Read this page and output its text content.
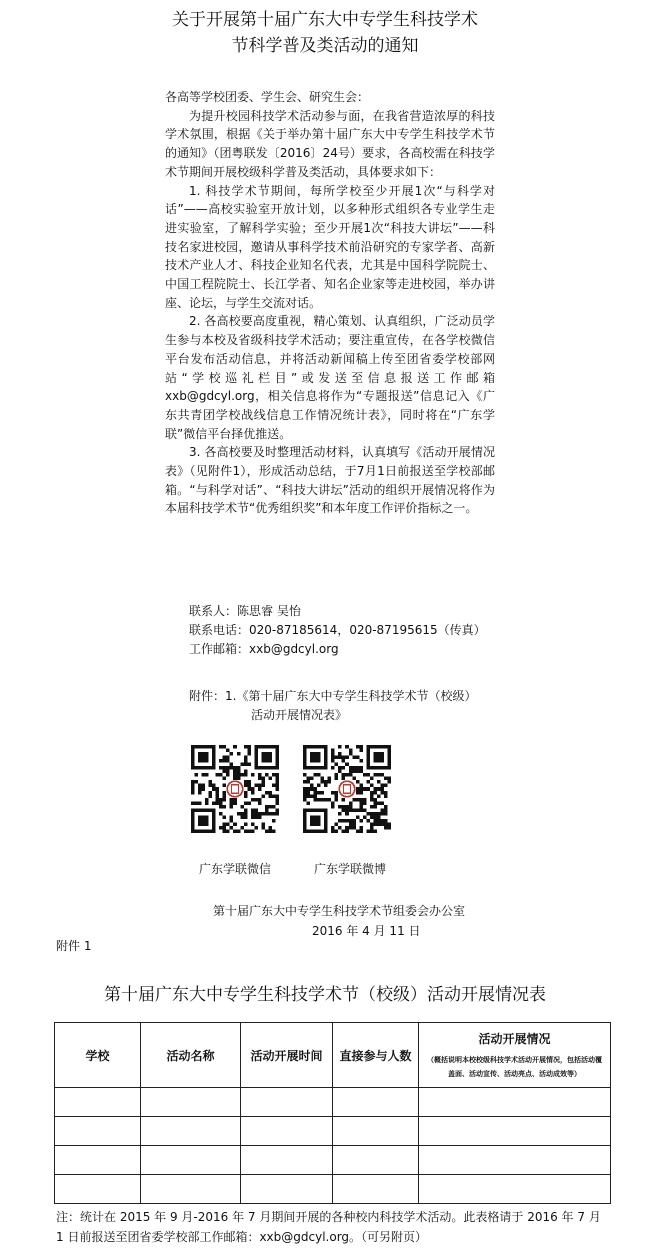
关于开展第十届广东大中专学生科技学术
节科学普及类活动的通知

各高等学校团委、学生会、研究生会：

为提升校园科技学术活动参与面，在我省营造浓厚的科技学术氛围，根据《关于举办第十届广东大中专学生科技学术节的通知》（团粤联发〔2016〕24号）要求，各高校需在科技学术节期间开展校级科学普及类活动，具体要求如下：

1. 科技学术节期间，每所学校至少开展1次“与科学对话”——高校实验室开放计划，以多种形式组织各专业学生走进实验室，了解科学实验；至少开展1次“科技大讲坛”——科技名家进校园，邀请从事科学技术前沿研究的专家学者、高新技术产业人才、科技企业知名代表，尤其是中国科学院院士、中国工程院院士、长江学者、知名企业家等走进校园，举办讲座、论坛，与学生交流对话。

2. 各高校要高度重视，精心策划、认真组织，广泛动员学生参与本校及省级科技学术活动；要注重宣传，在各学校微信平台发布活动信息，并将活动新闻稿上传至团省委学校部网站“学校巡礼栏目”或发送至信息报送工作邮箱xxb@gdcyl.org，相关信息将作为“专题报送”信息记入《广东共青团学校战线信息工作情况统计表》，同时将在“广东学联”微信平台择优推送。

3. 各高校要及时整理活动材料，认真填写《活动开展情况表》（见附件1），形成活动总结，于7月1日前报送至学校部邮箱。“与科学对话”、“科技大讲坛”活动的组织开展情况将作为本届科技学术节“优秀组织奖”和本年度工作评价指标之一。

联系人：陈思睿 吴怡
联系电话：020-87185614，020-87195615（传真）
工作邮箱：xxb@gdcyl.org
附件：1.《第十届广东大中专学生科技学术节（校级）
活动开展情况表》
广东学联微信	广东学联微博
第十届广东大中专学生科技学术节组委会办公室
2016 年 4 月 11 日
附件 1
第十届广东大中专学生科技学术节（校级）活动开展情况表
学校	活动名称	活动开展时间	直接参与人数	活动开展情况
（概括说明本校校级科技学术活动开展情况，包括活动覆盖面、活动宣传、活动亮点、活动成效等）

注：统计在 2015 年 9 月-2016 年 7 月期间开展的各种校内科技学术活动。此表格请于 2016 年 7 月 1 日前报送至团省委学校部工作邮箱：xxb@gdcyl.org。（可另附页）
